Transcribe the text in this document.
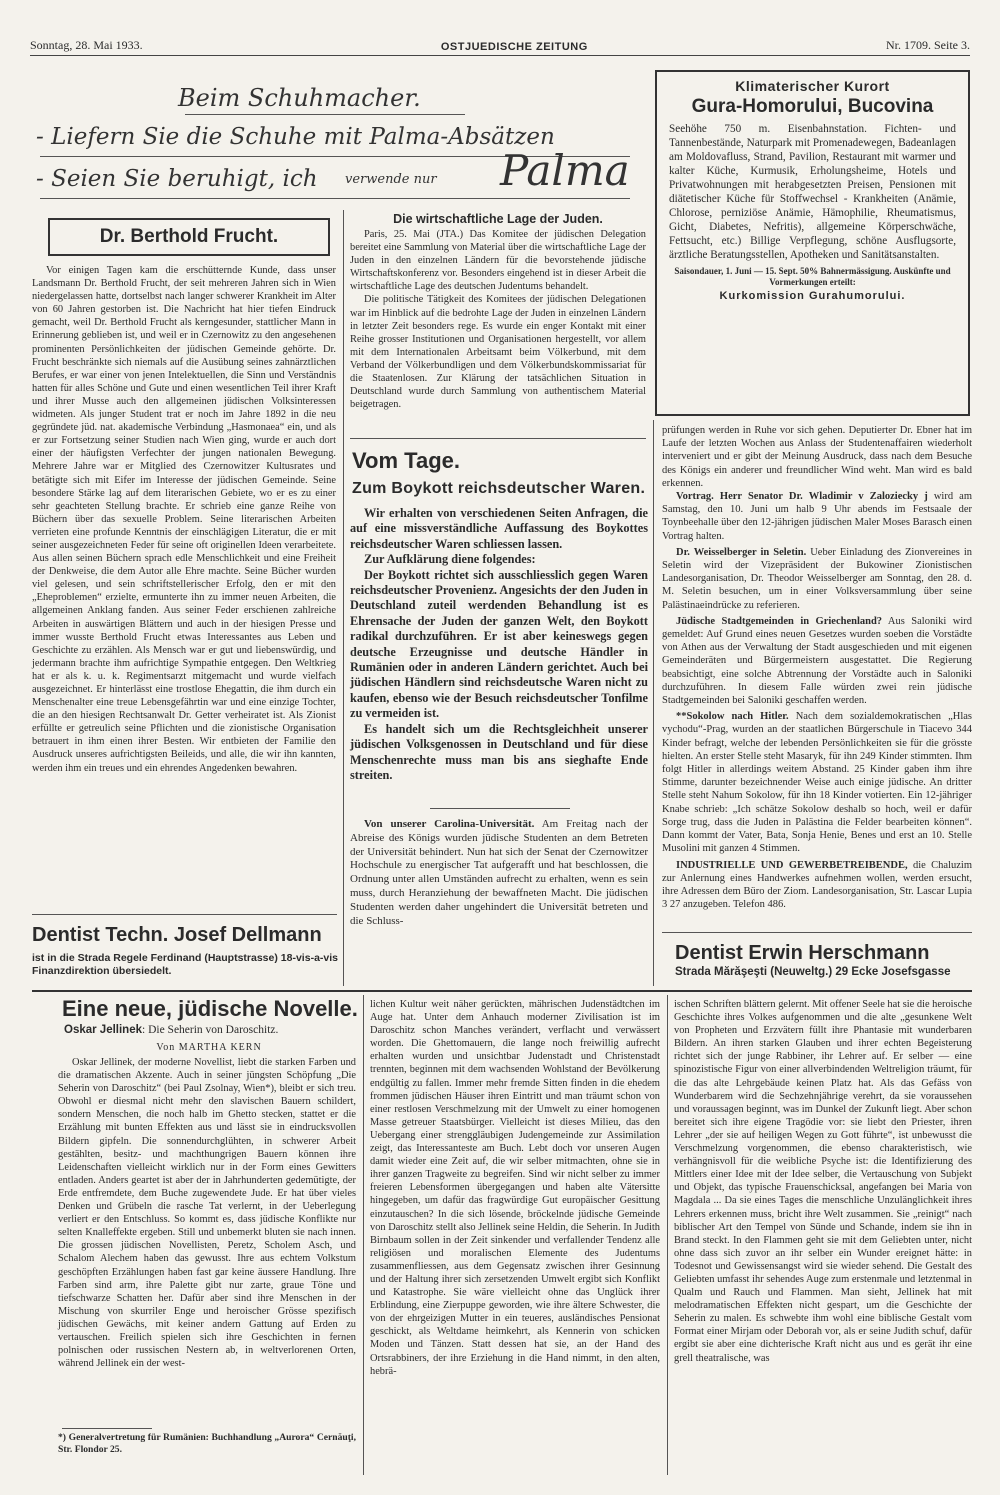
Sonntag, 28. Mai 1933.	OSTJUEDISCHE ZEITUNG	Nr. 1709. Seite 3.
Beim Schuhmacher.
- Liefern Sie die Schuhe mit Palma-Absätzen
- Seien Sie beruhigt, ich verwende nur Palma
Klimaterischer Kurort
Gura-Homorului, Bucovina
Seehöhe 750 m. Eisenbahnstation. Fichten- und Tannenbestände, Naturpark mit Promenadewegen, Badeanlagen am Moldovafluss, Strand, Pavilion, Restaurant mit warmer und kalter Küche, Kurmusik, Erholungsheime, Hotels und Privatwohnungen mit herabgesetzten Preisen, Pensionen mit diätetischer Küche für Stoffwechsel - Krankheiten (Anämie, Chlorose, perniziöse Anämie, Hämophilie, Rheumatismus, Gicht, Diabetes, Nefritis), allgemeine Körperschwäche, Fettsucht, etc.) Billige Verpflegung, schöne Ausflugsorte, ärztliche Beratungsstellen, Apotheken und Sanitätsanstalten.
Saisondauer, 1. Juni — 15. Sept. 50% Bahnermässigung. Auskünfte und Vormerkungen erteilt:
Kurkomission Gurahumorului.
Dr. Berthold Frucht.

Vor einigen Tagen kam die erschütternde Kunde, dass unser Landsmann Dr. Berthold Frucht, der seit mehreren Jahren sich in Wien niedergelassen hatte, dortselbst nach langer schwerer Krankheit im Alter von 60 Jahren gestorben ist. Die Nachricht hat hier tiefen Eindruck gemacht, weil Dr. Berthold Frucht als kerngesunder, stattlicher Mann in Erinnerung geblieben ist, und weil er in Czernowitz zu den angesehenen prominenten Persönlichkeiten der jüdischen Gemeinde gehörte. Dr. Frucht beschränkte sich niemals auf die Ausübung seines zahnärztlichen Berufes, er war einer von jenen Intelektuellen, die Sinn und Verständnis hatten für alles Schöne und Gute und einen wesentlichen Teil ihrer Kraft und ihrer Musse auch den allgemeinen jüdischen Volksinteressen widmeten. Als junger Student trat er noch im Jahre 1892 in die neu gegründete jüd. nat. akademische Verbindung „Hasmonaea“ ein, und als er zur Fortsetzung seiner Studien nach Wien ging, wurde er auch dort einer der häufigsten Verfechter der jungen nationalen Bewegung. Mehrere Jahre war er Mitglied des Czernowitzer Kultusrates und betätigte sich mit Eifer im Interesse der jüdischen Gemeinde. Seine besondere Stärke lag auf dem literarischen Gebiete, wo er es zu einer sehr geachteten Stellung brachte. Er schrieb eine ganze Reihe von Büchern über das sexuelle Problem. Seine literarischen Arbeiten verrieten eine profunde Kenntnis der einschlägigen Literatur, die er mit seiner ausgezeichneten Feder für seine oft originellen Ideen verarbeitete. Aus allen seinen Büchern sprach edle Menschlichkeit und eine Freiheit der Denkweise, die dem Autor alle Ehre machte. Seine Bücher wurden viel gelesen, und sein schriftstellerischer Erfolg, den er mit den „Eheproblemen“ erzielte, ermunterte ihn zu immer neuen Arbeiten, die allgemeinen Anklang fanden. Aus seiner Feder erschienen zahlreiche Arbeiten in auswärtigen Blättern und auch in der hiesigen Presse und immer wusste Berthold Frucht etwas Interessantes aus Leben und Geschichte zu erzählen. Als Mensch war er gut und liebenswürdig, und jedermann brachte ihm aufrichtige Sympathie entgegen. Den Weltkrieg hat er als k. u. k. Regimentsarzt mitgemacht und wurde vielfach ausgezeichnet. Er hinterlässt eine trostlose Ehegattin, die ihm durch ein Menschenalter eine treue Lebensgefährtin war und eine einzige Tochter, die an den hiesigen Rechtsanwalt Dr. Getter verheiratet ist. Als Zionist erfüllte er getreulich seine Pflichten und die zionistische Organisation betrauert in ihm einen ihrer Besten. Wir entbieten der Familie den Ausdruck unseres aufrichtigsten Beileids, und alle, die wir ihn kannten, werden ihm ein treues und ein ehrendes Angedenken bewahren.

Dentist Techn. Josef Dellmann
ist in die Strada Regele Ferdinand (Hauptstrasse) 18-vis-a-vis Finanzdirektion übersiedelt.
Die wirtschaftliche Lage der Juden.

Paris, 25. Mai (JTA.) Das Komitee der jüdischen Delegation bereitet eine Sammlung von Material über die wirtschaftliche Lage der Juden in den einzelnen Ländern für die bevorstehende jüdische Wirtschaftskonferenz vor. Besonders eingehend ist in dieser Arbeit die wirtschaftliche Lage des deutschen Judentums behandelt.

Die politische Tätigkeit des Komitees der jüdischen Delegationen war im Hinblick auf die bedrohte Lage der Juden in einzelnen Ländern in letzter Zeit besonders rege. Es wurde ein enger Kontakt mit einer Reihe grosser Institutionen und Organisationen hergestellt, vor allem mit dem Internationalen Arbeitsamt beim Völkerbund, mit dem Verband der Völkerbundligen und dem Völkerbundskommissariat für die Staatenlosen. Zur Klärung der tatsächlichen Situation in Deutschland wurde durch Sammlung von authentischem Material beigetragen.

Vom Tage.
Zum Boykott reichsdeutscher Waren.

Wir erhalten von verschiedenen Seiten Anfragen, die auf eine missverständliche Auffassung des Boykottes reichsdeutscher Waren schliessen lassen.

Zur Aufklärung diene folgendes:

Der Boykott richtet sich ausschliesslich gegen Waren reichsdeutscher Provenienz. Angesichts der den Juden in Deutschland zuteil werdenden Behandlung ist es Ehrensache der Juden der ganzen Welt, den Boykott radikal durchzuführen. Er ist aber keineswegs gegen deutsche Erzeugnisse und deutsche Händler in Rumänien oder in anderen Ländern gerichtet. Auch bei jüdischen Händlern sind reichsdeutsche Waren nicht zu kaufen, ebenso wie der Besuch reichsdeutscher Tonfilme zu vermeiden ist.

Es handelt sich um die Rechtsgleichheit unserer jüdischen Volksgenossen in Deutschland und für diese Menschenrechte muss man bis ans sieghafte Ende streiten.

Von unserer Carolina-Universität. Am Freitag nach der Abreise des Königs wurden jüdische Studenten an dem Betreten der Universität behindert. Nun hat sich der Senat der Czernowitzer Hochschule zu energischer Tat aufgerafft und hat beschlossen, die Ordnung unter allen Umständen aufrecht zu erhalten, wenn es sein muss, durch Heranziehung der bewaffneten Macht. Die jüdischen Studenten werden daher ungehindert die Universität betreten und die Schluss-

prüfungen werden in Ruhe vor sich gehen. Deputierter Dr. Ebner hat im Laufe der letzten Wochen aus Anlass der Studentenaffairen wiederholt interveniert und er gibt der Meinung Ausdruck, dass nach dem Besuche des Königs ein anderer und freundlicher Wind weht. Man wird es bald erkennen.

Vortrag. Herr Senator Dr. Wladimir v Zaloziecky j wird am Samstag, den 10. Juni um halb 9 Uhr abends im Festsaale der Toynbeehalle über den 12-jährigen jüdischen Maler Moses Barasch einen Vortrag halten.

Dr. Weisselberger in Seletin. Ueber Einladung des Zionvereines in Seletin wird der Vizepräsident der Bukowiner Zionistischen Landesorganisation, Dr. Theodor Weisselberger am Sonntag, den 28. d. M. Seletin besuchen, um in einer Volksversammlung über seine Palästinaeindrücke zu referieren.

Jüdische Stadtgemeinden in Griechenland? Aus Saloniki wird gemeldet: Auf Grund eines neuen Gesetzes wurden soeben die Vorstädte von Athen aus der Verwaltung der Stadt ausgeschieden und mit eigenen Gemeinderäten und Bürgermeistern ausgestattet. Die Regierung beabsichtigt, eine solche Abtrennung der Vorstädte auch in Saloniki durchzuführen. In diesem Falle würden zwei rein jüdische Stadtgemeinden bei Saloniki geschaffen werden.

**Sokolow nach Hitler. Nach dem sozialdemokratischen „Hlas vychodu“-Prag, wurden an der staatlichen Bürgerschule in Tiacevo 344 Kinder befragt, welche der lebenden Persönlichkeiten sie für die grösste hielten. An erster Stelle steht Masaryk, für ihn 249 Kinder stimmten. Ihm folgt Hitler in allerdings weitem Abstand. 25 Kinder gaben ihm ihre Stimme, darunter bezeichnender Weise auch einige jüdische. An dritter Stelle steht Nahum Sokolow, für ihn 18 Kinder votierten. Ein 12-jähriger Knabe schrieb: „Ich schätze Sokolow deshalb so hoch, weil er dafür Sorge trug, dass die Juden in Palästina die Felder bearbeiten können“. Dann kommt der Vater, Bata, Sonja Henie, Benes und erst an 10. Stelle Musolini mit ganzen 4 Stimmen.

INDUSTRIELLE UND GEWERBETREIBENDE, die Chaluzim zur Anlernung eines Handwerkes aufnehmen wollen, werden ersucht, ihre Adressen dem Büro der Ziom. Landesorganisation, Str. Lascar Lupia 3 27 anzugeben. Telefon 486.

Dentist Erwin Herschmann
Strada Mărăşeşti (Neuweltg.) 29 Ecke Josefsgasse
Eine neue, jüdische Novelle.
Oskar Jellinek: Die Seherin von Daroschitz.
Von MARTHA KERN

Oskar Jellinek, der moderne Novellist, liebt die starken Farben und die dramatischen Akzente. Auch in seiner jüngsten Schöpfung „Die Seherin von Daroschitz“ (bei Paul Zsolnay, Wien*), bleibt er sich treu. Obwohl er diesmal nicht mehr den slavischen Bauern schildert, sondern Menschen, die noch halb im Ghetto stecken, stattet er die Erzählung mit bunten Effekten aus und lässt sie in eindrucksvollen Bildern gipfeln. Die sonnendurchglühten, in schwerer Arbeit gestählten, besitz- und machthungrigen Bauern können ihre Leidenschaften vielleicht wirklich nur in der Form eines Gewitters entladen. Anders geartet ist aber der in Jahrhunderten gedemütigte, der Erde entfremdete, dem Buche zugewendete Jude. Er hat über vieles Denken und Grübeln die rasche Tat verlernt, in der Ueberlegung verliert er den Entschluss. So kommt es, dass jüdische Konflikte nur selten Knalleffekte ergeben. Still und unbemerkt bluten sie nach innen. Die grossen jüdischen Novellisten, Peretz, Scholem Asch, und Schalom Alechem haben das gewusst. Ihre aus echtem Volkstum geschöpften Erzählungen haben fast gar keine äussere Handlung. Ihre Farben sind arm, ihre Palette gibt nur zarte, graue Töne und tiefschwarze Schatten her. Dafür aber sind ihre Menschen in der Mischung von skurriler Enge und heroischer Grösse spezifisch jüdischen Gewächs, mit keiner andern Gattung auf Erden zu vertauschen. Freilich spielen sich ihre Geschichten in fernen polnischen oder russischen Nestern ab, in weltverlorenen Orten, während Jellinek ein der west-

*) Generalvertretung für Rumänien: Buchhandlung „Aurora“ Cernăuţi, Str. Flondor 25.

lichen Kultur weit näher gerückten, mährischen Judenstädtchen im Auge hat. Unter dem Anhauch moderner Zivilisation ist im Daroschitz schon Manches verändert, verflacht und verwässert worden. Die Ghettomauern, die lange noch freiwillig aufrecht erhalten wurden und unsichtbar Judenstadt und Christenstadt trennten, beginnen mit dem wachsenden Wohlstand der Bevölkerung endgültig zu fallen. Immer mehr fremde Sitten finden in die ehedem frommen jüdischen Häuser ihren Eintritt und man träumt schon von einer restlosen Verschmelzung mit der Umwelt zu einer homogenen Masse getreuer Staatsbürger. Vielleicht ist dieses Milieu, das den Uebergang einer strenggläubigen Judengemeinde zur Assimilation zeigt, das Interessanteste am Buch. Lebt doch vor unseren Augen damit wieder eine Zeit auf, die wir selber mitmachten, ohne sie in ihrer ganzen Tragweite zu begreifen. Sind wir nicht selber zu immer freieren Lebensformen übergegangen und haben alte Vätersitte hingegeben, um dafür das fragwürdige Gut europäischer Gesittung einzutauschen? In die sich lösende, bröckelnde jüdische Gemeinde von Daroschitz stellt also Jellinek seine Heldin, die Seherin. In Judith Birnbaum sollen in der Zeit sinkender und verfallender Tendenz alle religiösen und moralischen Elemente des Judentums zusammenfliessen, aus dem Gegensatz zwischen ihrer Gesinnung und der Haltung ihrer sich zersetzenden Umwelt ergibt sich Konflikt und Katastrophe. Sie wäre vielleicht ohne das Unglück ihrer Erblindung, eine Zierpuppe geworden, wie ihre ältere Schwester, die von der ehrgeizigen Mutter in ein teueres, ausländisches Pensionat geschickt, als Weltdame heimkehrt, als Kennerin von schicken Moden und Tänzen. Statt dessen hat sie, an der Hand des Ortsrabbiners, der ihre Erziehung in die Hand nimmt, in den alten, hebrä-

ischen Schriften blättern gelernt. Mit offener Seele hat sie die heroische Geschichte ihres Volkes aufgenommen und die alte „gesunkene Welt von Propheten und Erzvätern füllt ihre Phantasie mit wunderbaren Bildern. An ihren starken Glauben und ihrer echten Begeisterung richtet sich der junge Rabbiner, ihr Lehrer auf. Er selber — eine spinozistische Figur von einer allverbindenden Weltreligion träumt, für die das alte Lehrgebäude keinen Platz hat. Als das Gefäss von Wunderbarem wird die Sechzehnjährige verehrt, da sie voraussehen und voraussagen beginnt, was im Dunkel der Zukunft liegt. Aber schon bereitet sich ihre eigene Tragödie vor: sie liebt den Priester, ihren Lehrer „der sie auf heiligen Wegen zu Gott führte“, ist unbewusst die Verschmelzung vorgenommen, die ebenso charakteristisch, wie verhängnisvoll für die weibliche Psyche ist: die Identifizierung des Mittlers einer Idee mit der Idee selber, die Vertauschung von Subjekt und Objekt, das typische Frauenschicksal, angefangen bei Maria von Magdala ... Da sie eines Tages die menschliche Unzulänglichkeit ihres Lehrers erkennen muss, bricht ihre Welt zusammen. Sie „reinigt“ nach biblischer Art den Tempel von Sünde und Schande, indem sie ihn in Brand steckt. In den Flammen geht sie mit dem Geliebten unter, nicht ohne dass sich zuvor an ihr selber ein Wunder ereignet hätte: in Todesnot und Gewissensangst wird sie wieder sehend. Die Gestalt des Geliebten umfasst ihr sehendes Auge zum erstenmale und letztenmal in Qualm und Rauch und Flammen. Man sieht, Jellinek hat mit melodramatischen Effekten nicht gespart, um die Geschichte der Seherin zu malen. Es schwebte ihm wohl eine biblische Gestalt vom Format einer Mirjam oder Deborah vor, als er seine Judith schuf, dafür ergibt sie aber eine dichterische Kraft nicht aus und es gerät ihr eine grell theatralische, was
